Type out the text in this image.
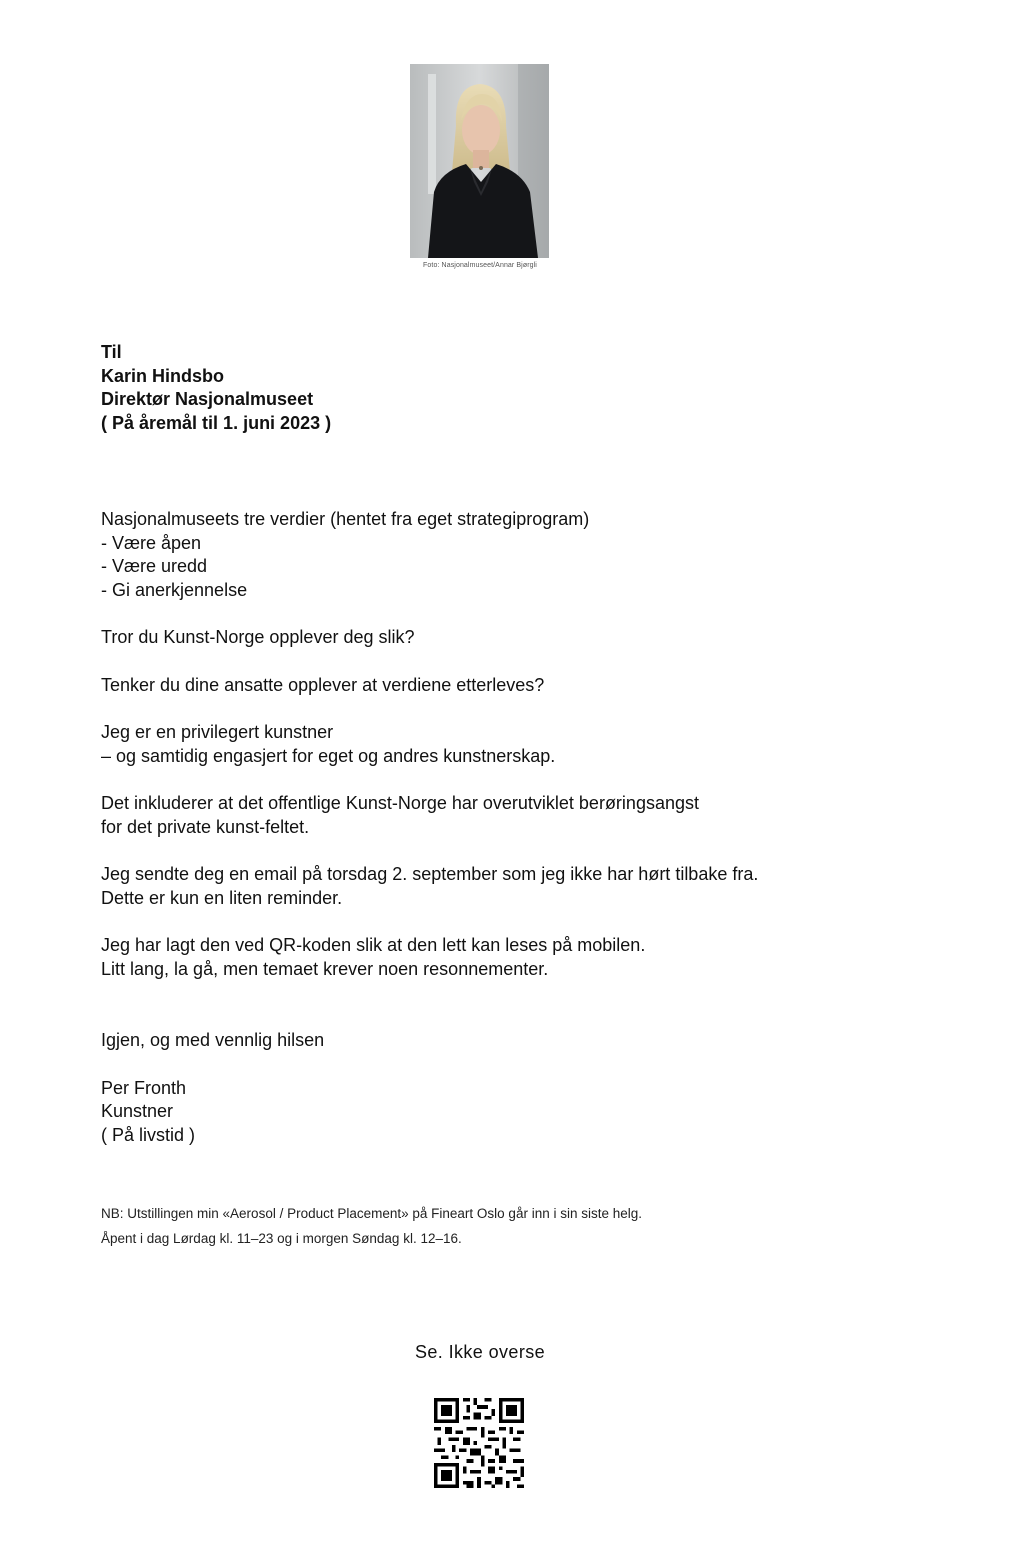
Foto: Nasjonalmuseet/Annar Bjørgli
Til
Karin Hindsbo
Direktør Nasjonalmuseet
( På åremål til 1. juni 2023 )

Nasjonalmuseets tre verdier (hentet fra eget strategiprogram)

- Være åpen

- Være uredd

- Gi anerkjennelse

Tror du Kunst-Norge opplever deg slik?

Tenker du dine ansatte opplever at verdiene etterleves?

Jeg er en privilegert kunstner

– og samtidig engasjert for eget og andres kunstnerskap.

Det inkluderer at det offentlige Kunst-Norge har overutviklet berøringsangst

for det private kunst-feltet.

Jeg sendte deg en email på torsdag 2. september som jeg ikke har hørt tilbake fra.

Dette er kun en liten reminder.

Jeg har lagt den ved QR-koden slik at den lett kan leses på mobilen.

Litt lang, la gå, men temaet krever noen resonnementer.

Igjen, og med vennlig hilsen

Per Fronth

Kunstner

( På livstid )

NB: Utstillingen min «Aerosol / Product Placement» på Fineart Oslo går inn i sin siste helg.
Åpent i dag Lørdag kl. 11–23 og i morgen Søndag kl. 12–16.
Se. Ikke overse
